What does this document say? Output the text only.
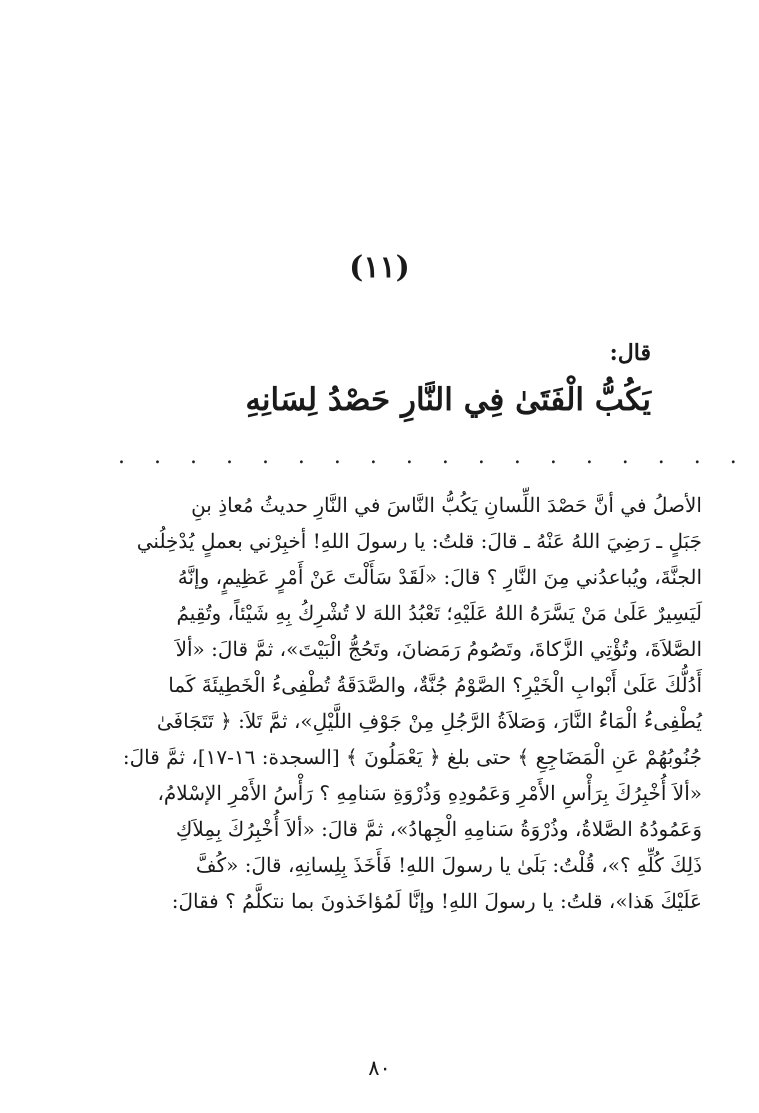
(١١)
قال:
يَكُبُّ الْفَتَىٰ فِي النَّارِ حَصْدُ لِسَانِهِ
. . . . . . . . . . . . . . . . . .
الأصلُ في أنَّ حَصْدَ اللِّسانِ يَكُبُّ النَّاسَ في النَّارِ حديثُ مُعاذِ بنِ
جَبَلٍ ـ رَضِيَ اللهُ عَنْهُ ـ قالَ: قلتُ: يا رسولَ اللهِ! أخبِرْني بعملٍ يُدْخِلُني
الجنَّةَ، ويُباعدُني مِنَ النَّارِ ؟ قالَ: «لَقَدْ سَأَلْتَ عَنْ أَمْرٍ عَظِيمٍ، وإنَّهُ
لَيَسِيرٌ عَلَىٰ مَنْ يَسَّرَهُ اللهُ عَلَيْهِ؛ تَعْبُدُ اللهَ لا تُشْرِكُ بِهِ شَيْئاً، وتُقِيمُ
الصَّلاَةَ، وتُؤْتِي الزَّكاةَ، وتَصُومُ رَمَضانَ، وتَحُجُّ الْبَيْتَ»، ثمَّ قالَ: «ألاَ
أَدُلُّكَ عَلَىٰ أَبْوابِ الْخَيْرِ؟ الصَّوْمُ جُنَّةٌ، والصَّدَقَةُ تُطْفِىءُ الْخَطِيئَةَ كَما
يُطْفِىءُ الْمَاءُ النَّارَ، وَصَلاَةُ الرَّجُلِ مِنْ جَوْفِ اللَّيْلِ»، ثمَّ تَلاَ: ﴿ تَتَجَافَىٰ
جُنُوبُهُمْ عَنِ الْمَضَاجِعِ ﴾ حتى بلغ ﴿ يَعْمَلُونَ ﴾ [السجدة: ١٦-١٧]، ثمَّ قالَ:
«ألاَ أُخْبِرُكَ بِرَأْسِ الأَمْرِ وَعَمُودِهِ وَذُرْوَةِ سَنامِهِ ؟ رَأْسُ الأَمْرِ الإسْلامُ،
وَعَمُودُهُ الصَّلاةُ، وذُرْوَةُ سَنامِهِ الْجِهادُ»، ثمَّ قالَ: «ألاَ أُخْبِرُكَ بِمِلاَكِ
ذَلِكَ كُلِّهِ ؟»، قُلْتُ: بَلَىٰ يا رسولَ اللهِ! فَأَخَذَ بِلِسانِهِ، قالَ: «كُفَّ
عَلَيْكَ هَذا»، قلتُ: يا رسولَ اللهِ! وإنَّا لَمُؤاخَذونَ بما نتكلَّمُ ؟ فقالَ:
٨٠
